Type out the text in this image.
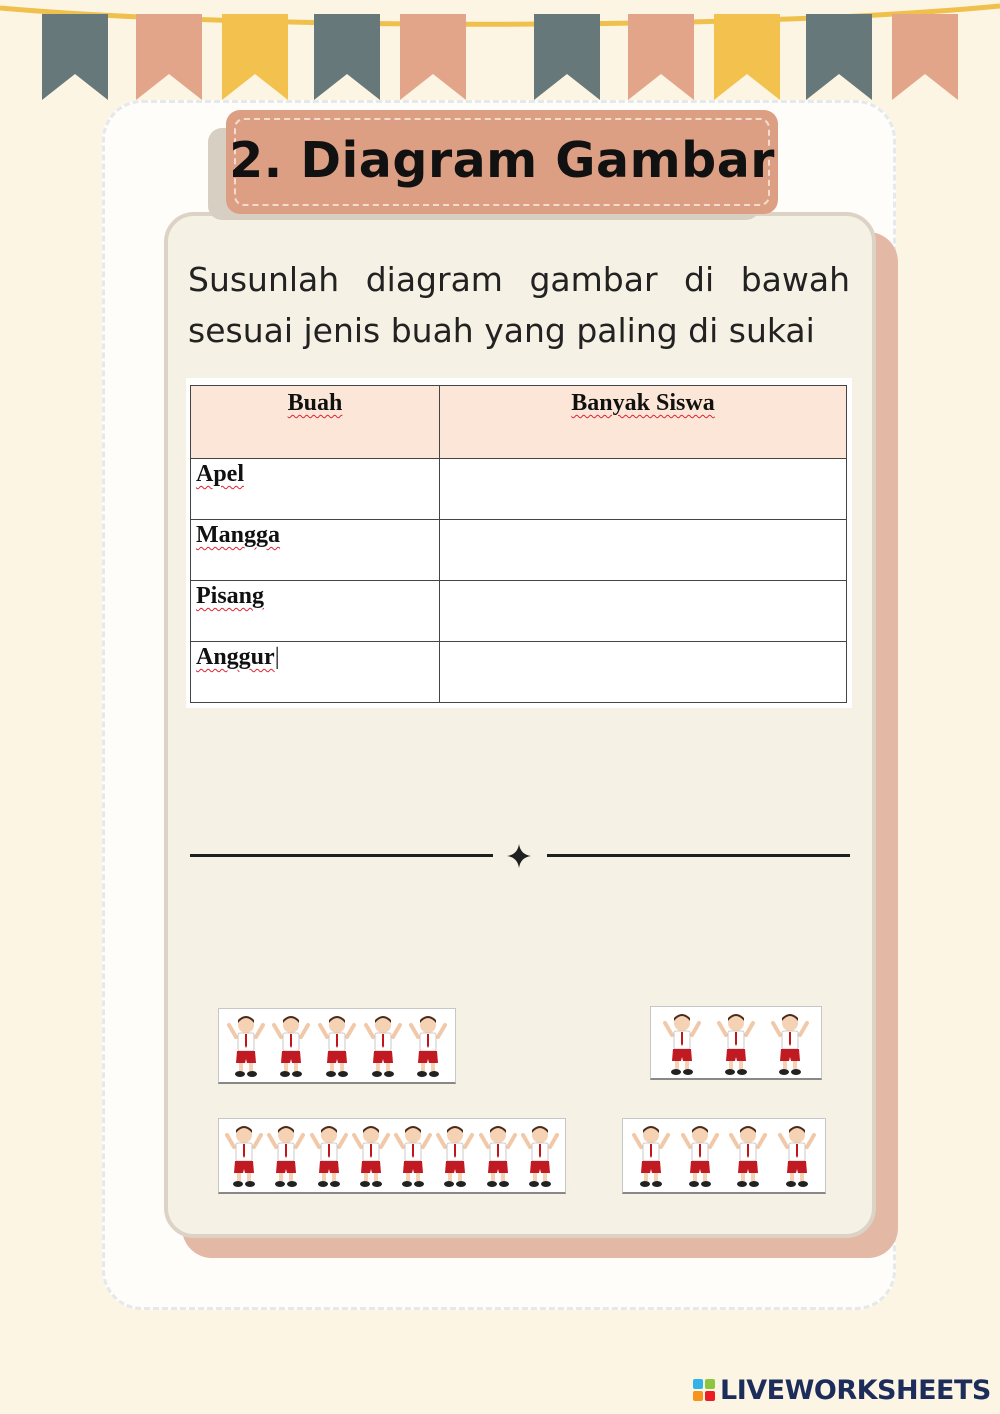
2. Diagram Gambar
Susunlah diagram gambar di bawah sesuai jenis buah yang paling di sukai
Buah	Banyak Siswa
Apel	
Mangga	
Pisang	
Anggur|	
LIVEWORKSHEETS
